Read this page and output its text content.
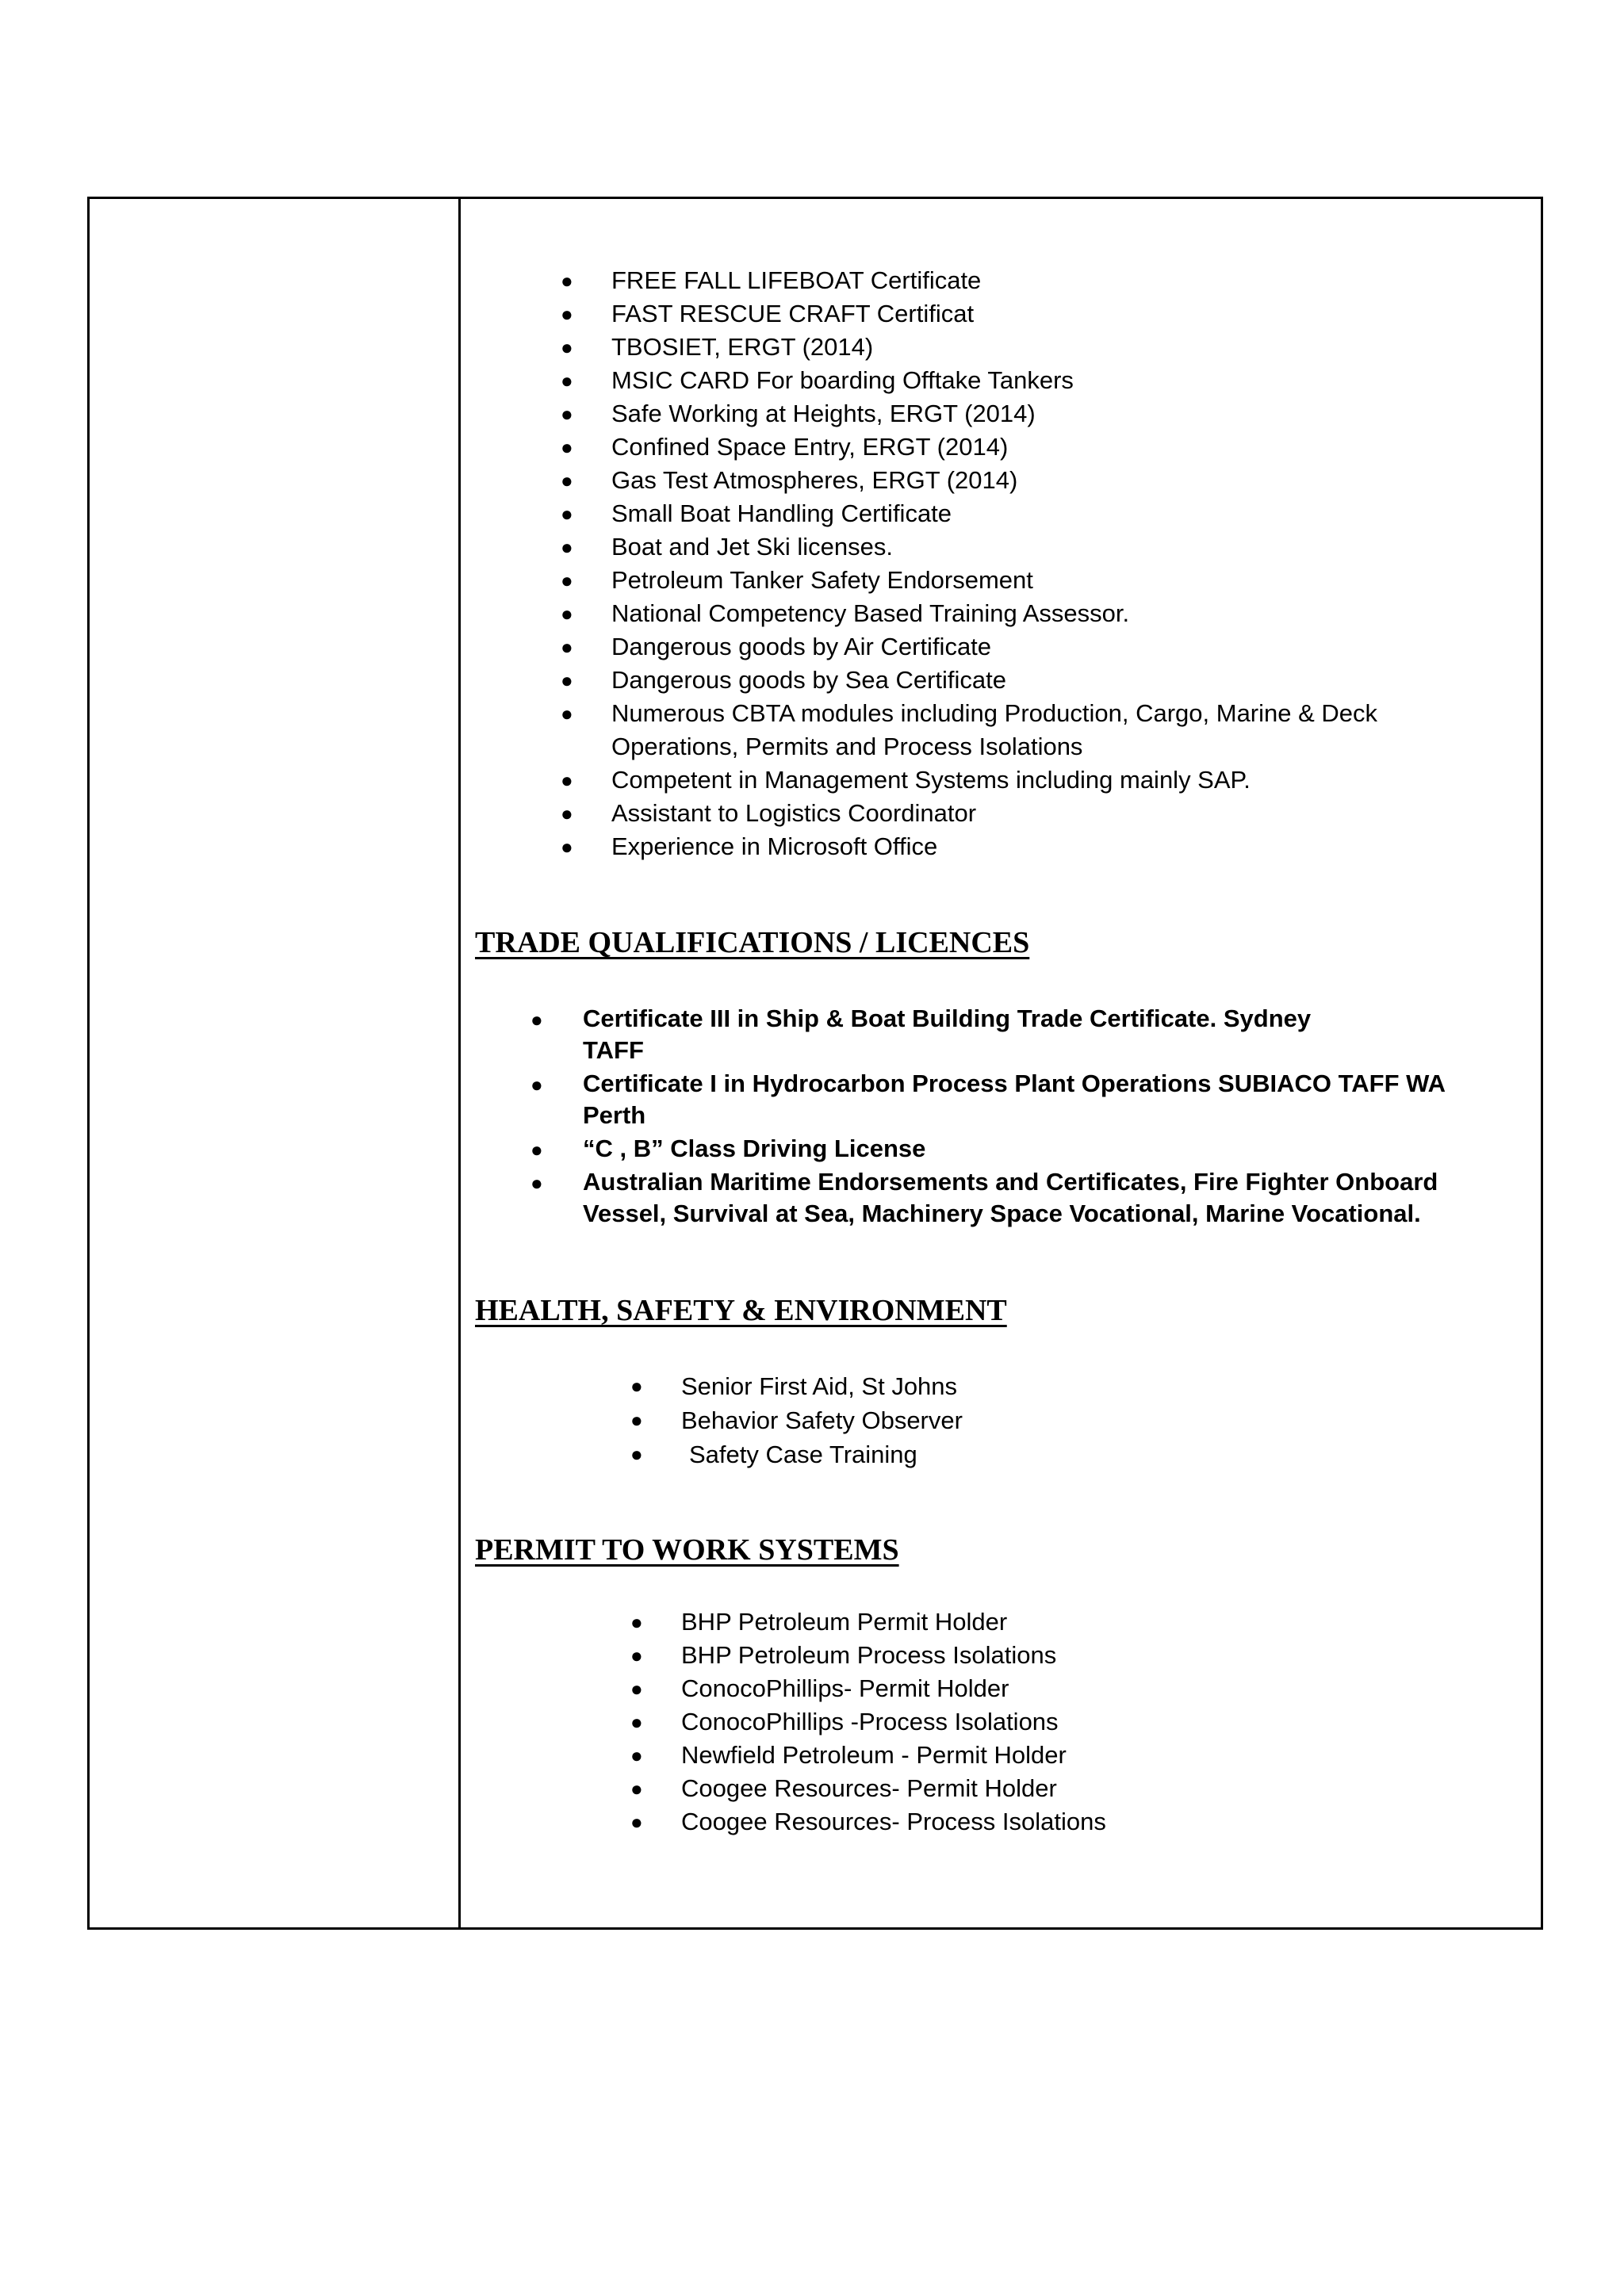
● FREE FALL LIFEBOAT Certificate
● FAST RESCUE CRAFT Certificat
● TBOSIET, ERGT (2014)
● MSIC CARD For boarding Offtake Tankers
● Safe Working at Heights, ERGT (2014)
● Confined Space Entry, ERGT (2014)
● Gas Test Atmospheres, ERGT (2014)
● Small Boat Handling Certificate
● Boat and Jet Ski licenses.
● Petroleum Tanker Safety Endorsement
● National Competency Based Training Assessor.
● Dangerous goods by Air Certificate
● Dangerous goods by Sea Certificate
● Numerous CBTA modules including Production, Cargo, Marine & Deck Operations, Permits and Process Isolations
● Competent in Management Systems including mainly SAP.
● Assistant to Logistics Coordinator
● Experience in Microsoft Office
TRADE QUALIFICATIONS / LICENCES
● Certificate III in Ship & Boat Building Trade Certificate. Sydney TAFF
● Certificate I in Hydrocarbon Process Plant Operations SUBIACO TAFF WA Perth
● “C , B” Class Driving License
● Australian Maritime Endorsements and Certificates, Fire Fighter Onboard Vessel, Survival at Sea, Machinery Space Vocational, Marine Vocational.
HEALTH, SAFETY & ENVIRONMENT
● Senior First Aid, St Johns
● Behavior Safety Observer
● Safety Case Training
PERMIT TO WORK SYSTEMS
● BHP Petroleum Permit Holder
● BHP Petroleum Process Isolations
● ConocoPhillips- Permit Holder
● ConocoPhillips -Process Isolations
● Newfield Petroleum - Permit Holder
● Coogee Resources- Permit Holder
● Coogee Resources- Process Isolations
